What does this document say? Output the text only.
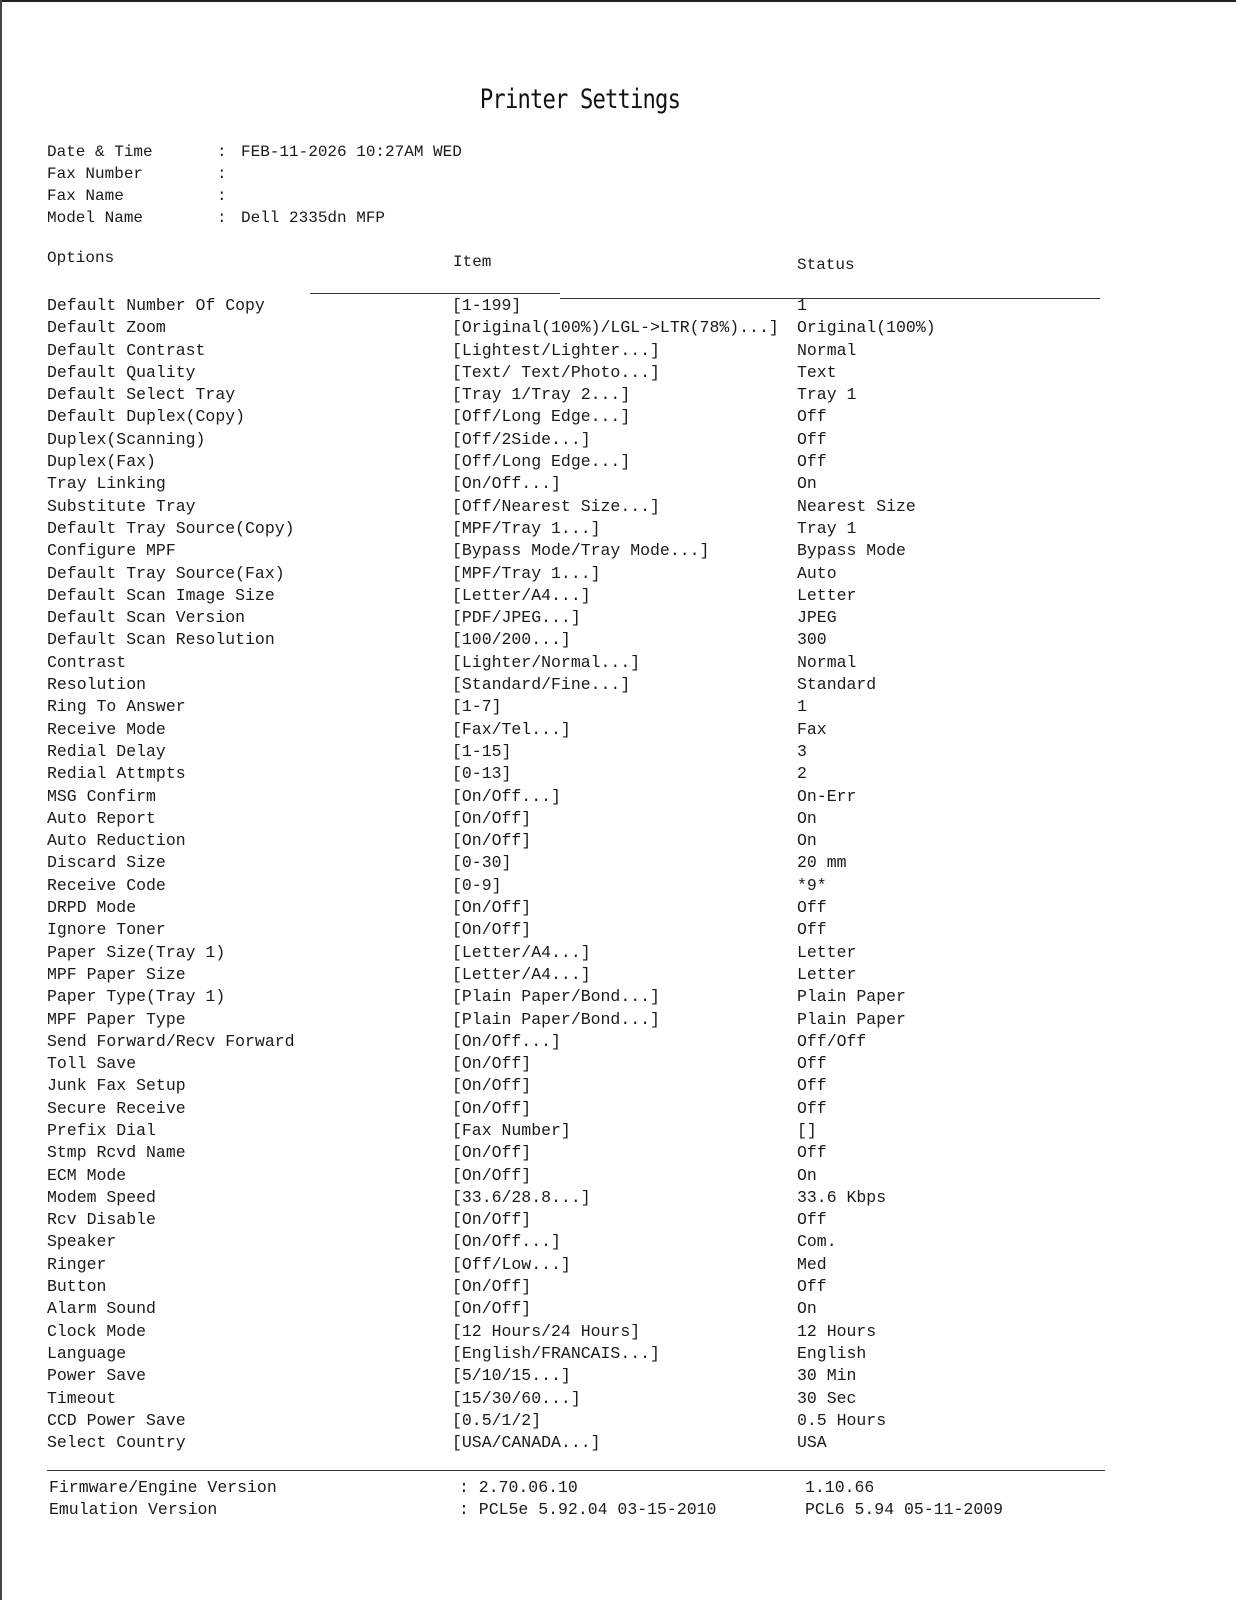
Printer Settings
Date & Time	: FEB-11-2026 10:27AM WED
Fax Number	:
Fax Name	:
Model Name	: Dell 2335dn MFP
Options	Item	Status
Default Number Of Copy	[1-199]	1
Default Zoom	[Original(100%)/LGL->LTR(78%)...] Original(100%)
Default Contrast	[Lightest/Lighter...]	Normal
Default Quality	[Text/ Text/Photo...]	Text
Default Select Tray	[Tray 1/Tray 2...]	Tray 1
Default Duplex(Copy)	[Off/Long Edge...]	Off
Duplex(Scanning)	[Off/2Side...]	Off
Duplex(Fax)	[Off/Long Edge...]	Off
Tray Linking	[On/Off...]	On
Substitute Tray	[Off/Nearest Size...]	Nearest Size
Default Tray Source(Copy)	[MPF/Tray 1...]	Tray 1
Configure MPF	[Bypass Mode/Tray Mode...]	Bypass Mode
Default Tray Source(Fax)	[MPF/Tray 1...]	Auto
Default Scan Image Size	[Letter/A4...]	Letter
Default Scan Version	[PDF/JPEG...]	JPEG
Default Scan Resolution	[100/200...]	300
Contrast	[Lighter/Normal...]	Normal
Resolution	[Standard/Fine...]	Standard
Ring To Answer	[1-7]	1
Receive Mode	[Fax/Tel...]	Fax
Redial Delay	[1-15]	3
Redial Attmpts	[0-13]	2
MSG Confirm	[On/Off...]	On-Err
Auto Report	[On/Off]	On
Auto Reduction	[On/Off]	On
Discard Size	[0-30]	20 mm
Receive Code	[0-9]	*9*
DRPD Mode	[On/Off]	Off
Ignore Toner	[On/Off]	Off
Paper Size(Tray 1)	[Letter/A4...]	Letter
MPF Paper Size	[Letter/A4...]	Letter
Paper Type(Tray 1)	[Plain Paper/Bond...]	Plain Paper
MPF Paper Type	[Plain Paper/Bond...]	Plain Paper
Send Forward/Recv Forward	[On/Off...]	Off/Off
Toll Save	[On/Off]	Off
Junk Fax Setup	[On/Off]	Off
Secure Receive	[On/Off]	Off
Prefix Dial	[Fax Number]	[]
Stmp Rcvd Name	[On/Off]	Off
ECM Mode	[On/Off]	On
Modem Speed	[33.6/28.8...]	33.6 Kbps
Rcv Disable	[On/Off]	Off
Speaker	[On/Off...]	Com.
Ringer	[Off/Low...]	Med
Button	[On/Off]	Off
Alarm Sound	[On/Off]	On
Clock Mode	[12 Hours/24 Hours]	12 Hours
Language	[English/FRANCAIS...]	English
Power Save	[5/10/15...]	30 Min
Timeout	[15/30/60...]	30 Sec
CCD Power Save	[0.5/1/2]	0.5 Hours
Select Country	[USA/CANADA...]	USA
Firmware/Engine Version	: 2.70.06.10	1.10.66
Emulation Version	: PCL5e 5.92.04 03-15-2010	PCL6 5.94 05-11-2009
